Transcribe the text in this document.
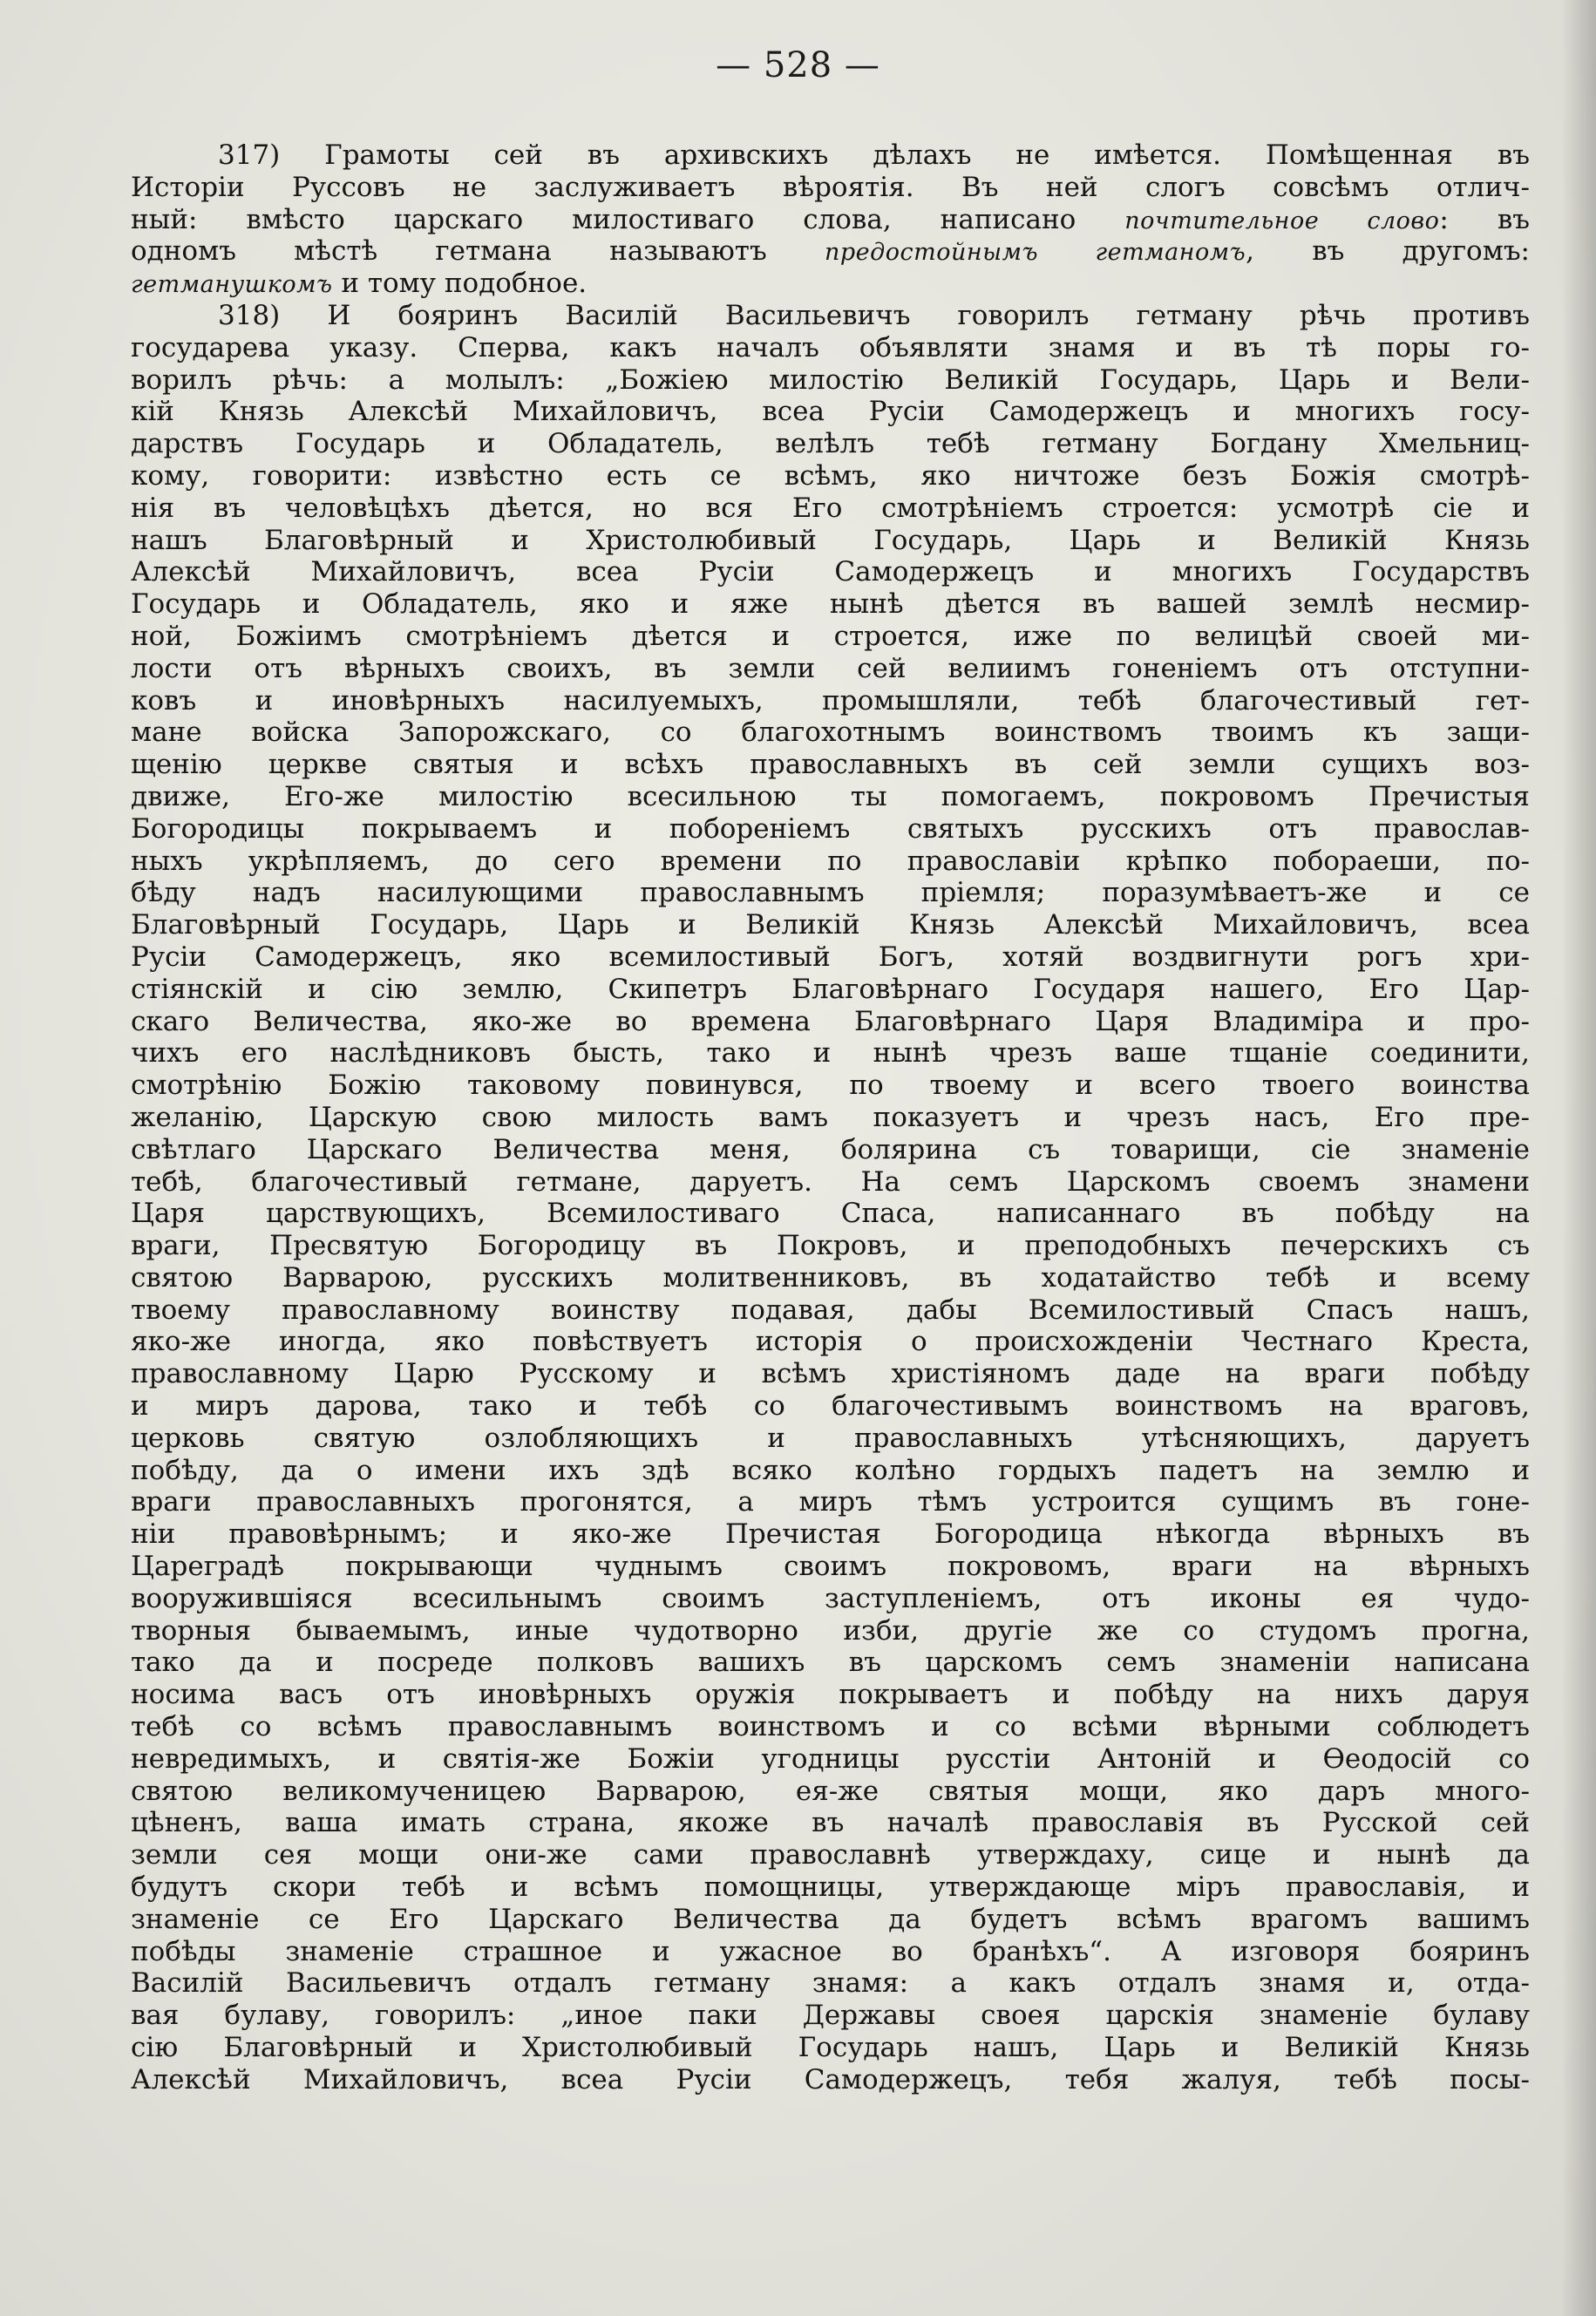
— 528 —
317) Грамоты сей въ архивскихъ дѣлахъ не имѣется. Помѣщенная въ
Исторіи Руссовъ не заслуживаетъ вѣроятія. Въ ней слогъ совсѣмъ отлич-
ный: вмѣсто царскаго милостиваго слова, написано почтительное слово: въ
одномъ мѣстѣ гетмана называютъ предостойнымъ гетманомъ, въ другомъ:
гетманушкомъ и тому подобное.
318) И бояринъ Василій Васильевичъ говорилъ гетману рѣчь противъ
государева указу. Сперва, какъ началъ объявляти знамя и въ тѣ поры го-
ворилъ рѣчь: а молылъ: „Божіею милостію Великій Государь, Царь и Вели-
кій Князь Алексѣй Михайловичъ, всеа Русіи Самодержецъ и многихъ госу-
дарствъ Государь и Обладатель, велѣлъ тебѣ гетману Богдану Хмельниц-
кому, говорити: извѣстно есть се всѣмъ, яко ничтоже безъ Божія смотрѣ-
нія въ человѣцѣхъ дѣется, но вся Его смотрѣніемъ строется: усмотрѣ сіе и
нашъ Благовѣрный и Христолюбивый Государь, Царь и Великій Князь
Алексѣй Михайловичъ, всеа Русіи Самодержецъ и многихъ Государствъ
Государь и Обладатель, яко и яже нынѣ дѣется въ вашей землѣ несмир-
ной, Божіимъ смотрѣніемъ дѣется и строется, иже по велицѣй своей ми-
лости отъ вѣрныхъ своихъ, въ земли сей велиимъ гоненіемъ отъ отступни-
ковъ и иновѣрныхъ насилуемыхъ, промышляли, тебѣ благочестивый гет-
мане войска Запорожскаго, со благохотнымъ воинствомъ твоимъ къ защи-
щенію церкве святыя и всѣхъ православныхъ въ сей земли сущихъ воз-
движе, Его-же милостію всесильною ты помогаемъ, покровомъ Пречистыя
Богородицы покрываемъ и побореніемъ святыхъ русскихъ отъ православ-
ныхъ укрѣпляемъ, до сего времени по православіи крѣпко побораеши, по-
бѣду надъ насилующими православнымъ пріемля; поразумѣваетъ-же и се
Благовѣрный Государь, Царь и Великій Князь Алексѣй Михайловичъ, всеа
Русіи Самодержецъ, яко всемилостивый Богъ, хотяй воздвигнути рогъ хри-
стіянскій и сію землю, Скипетръ Благовѣрнаго Государя нашего, Его Цар-
скаго Величества, яко-же во времена Благовѣрнаго Царя Владиміра и про-
чихъ его наслѣдниковъ бысть, тако и нынѣ чрезъ ваше тщаніе соединити,
смотрѣнію Божію таковому повинувся, по твоему и всего твоего воинства
желанію, Царскую свою милость вамъ показуетъ и чрезъ насъ, Его пре-
свѣтлаго Царскаго Величества меня, болярина съ товарищи, сіе знаменіе
тебѣ, благочестивый гетмане, даруетъ. На семъ Царскомъ своемъ знамени
Царя царствующихъ, Всемилостиваго Спаса, написаннаго въ побѣду на
враги, Пресвятую Богородицу въ Покровъ, и преподобныхъ печерскихъ съ
святою Варварою, русскихъ молитвенниковъ, въ ходатайство тебѣ и всему
твоему православному воинству подавая, дабы Всемилостивый Спасъ нашъ,
яко-же иногда, яко повѣствуетъ исторія о происхожденіи Честнаго Креста,
православному Царю Русскому и всѣмъ христіяномъ даде на враги побѣду
и миръ дарова, тако и тебѣ со благочестивымъ воинствомъ на враговъ,
церковь святую озлобляющихъ и православныхъ утѣсняющихъ, даруетъ
побѣду, да о имени ихъ здѣ всяко колѣно гордыхъ падетъ на землю и
враги православныхъ прогонятся, а миръ тѣмъ устроится сущимъ въ гоне-
ніи правовѣрнымъ; и яко-же Пречистая Богородица нѣкогда вѣрныхъ въ
Цареградѣ покрывающи чуднымъ своимъ покровомъ, враги на вѣрныхъ
вооружившіяся всесильнымъ своимъ заступленіемъ, отъ иконы ея чудо-
творныя бываемымъ, иные чудотворно изби, другіе же со студомъ прогна,
тако да и посреде полковъ вашихъ въ царскомъ семъ знаменіи написана
носима васъ отъ иновѣрныхъ оружія покрываетъ и побѣду на нихъ даруя
тебѣ со всѣмъ православнымъ воинствомъ и со всѣми вѣрными соблюдетъ
невредимыхъ, и святія-же Божіи угодницы русстіи Антоній и Ѳеодосій со
святою великомученицею Варварою, ея-же святыя мощи, яко даръ много-
цѣненъ, ваша имать страна, якоже въ началѣ православія въ Русской сей
земли сея мощи они-же сами православнѣ утверждаху, сице и нынѣ да
будутъ скори тебѣ и всѣмъ помощницы, утверждающе міръ православія, и
знаменіе се Его Царскаго Величества да будетъ всѣмъ врагомъ вашимъ
побѣды знаменіе страшное и ужасное во бранѣхъ“. А изговоря бояринъ
Василій Васильевичъ отдалъ гетману знамя: а какъ отдалъ знамя и, отда-
вая булаву, говорилъ: „иное паки Державы своея царскія знаменіе булаву
сію Благовѣрный и Христолюбивый Государь нашъ, Царь и Великій Князь
Алексѣй Михайловичъ, всеа Русіи Самодержецъ, тебя жалуя, тебѣ посы-
